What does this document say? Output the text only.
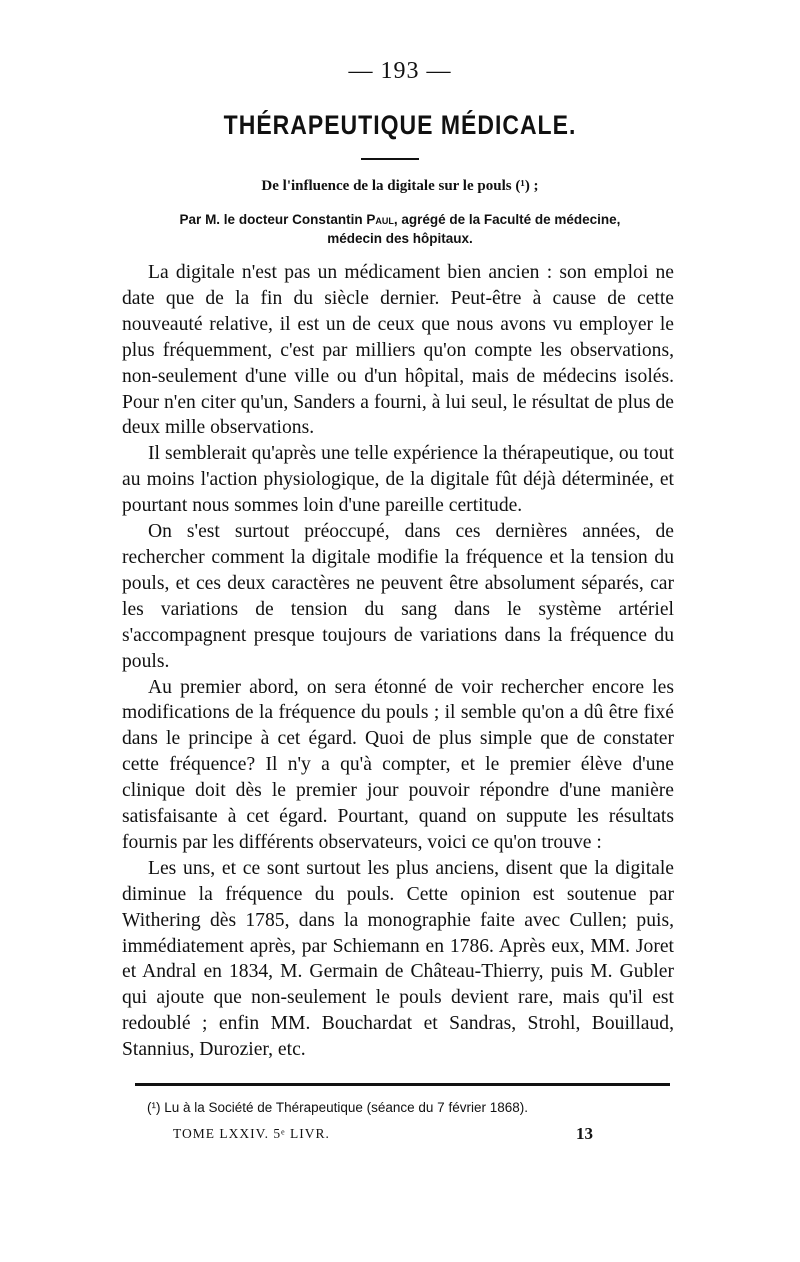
— 193 —
THÉRAPEUTIQUE MÉDICALE.
De l'influence de la digitale sur le pouls (¹) ;
Par M. le docteur Constantin Paul, agrégé de la Faculté de médecine,
médecin des hôpitaux.

La digitale n'est pas un médicament bien ancien : son emploi ne date que de la fin du siècle dernier. Peut-être à cause de cette nouveauté relative, il est un de ceux que nous avons vu employer le plus fréquemment, c'est par milliers qu'on compte les observations, non-seulement d'une ville ou d'un hôpital, mais de médecins isolés. Pour n'en citer qu'un, Sanders a fourni, à lui seul, le résultat de plus de deux mille observations.

Il semblerait qu'après une telle expérience la thérapeutique, ou tout au moins l'action physiologique, de la digitale fût déjà déterminée, et pourtant nous sommes loin d'une pareille certitude.

On s'est surtout préoccupé, dans ces dernières années, de rechercher comment la digitale modifie la fréquence et la tension du pouls, et ces deux caractères ne peuvent être absolument séparés, car les variations de tension du sang dans le système artériel s'accompagnent presque toujours de variations dans la fréquence du pouls.

Au premier abord, on sera étonné de voir rechercher encore les modifications de la fréquence du pouls ; il semble qu'on a dû être fixé dans le principe à cet égard. Quoi de plus simple que de constater cette fréquence? Il n'y a qu'à compter, et le premier élève d'une clinique doit dès le premier jour pouvoir répondre d'une manière satisfaisante à cet égard. Pourtant, quand on suppute les résultats fournis par les différents observateurs, voici ce qu'on trouve :

Les uns, et ce sont surtout les plus anciens, disent que la digitale diminue la fréquence du pouls. Cette opinion est soutenue par Withering dès 1785, dans la monographie faite avec Cullen; puis, immédiatement après, par Schiemann en 1786. Après eux, MM. Joret et Andral en 1834, M. Germain de Château-Thierry, puis M. Gubler qui ajoute que non-seulement le pouls devient rare, mais qu'il est redoublé ; enfin MM. Bouchardat et Sandras, Strohl, Bouillaud, Stannius, Durozier, etc.

(¹) Lu à la Société de Thérapeutique (séance du 7 février 1868).
TOME LXXIV. 5ᵉ LIVR.	13
